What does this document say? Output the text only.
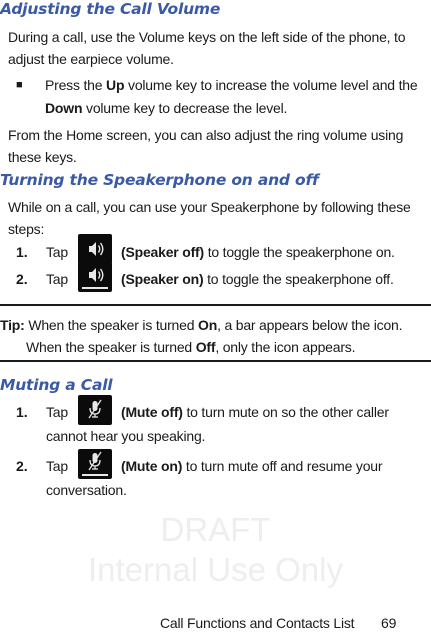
DRAFT
Internal Use Only
Adjusting the Call Volume

During a call, use the Volume keys on the left side of the phone, to

adjust the earpiece volume.

■ Press the Up volume key to increase the volume level and the

Down volume key to decrease the level.

From the Home screen, you can also adjust the ring volume using

these keys.

Turning the Speakerphone on and off

While on a call, you can use your Speakerphone by following these

steps:

1. Tap	(Speaker off) to toggle the speakerphone on.

2. Tap	(Speaker on) to toggle the speakerphone off.

Tip: When the speaker is turned On, a bar appears below the icon.

When the speaker is turned Off, only the icon appears.

Muting a Call
1. Tap	(Mute off) to turn mute on so the other caller

cannot hear you speaking.

2. Tap	(Mute on) to turn mute off and resume your

conversation.

Call Functions and Contacts List 69
